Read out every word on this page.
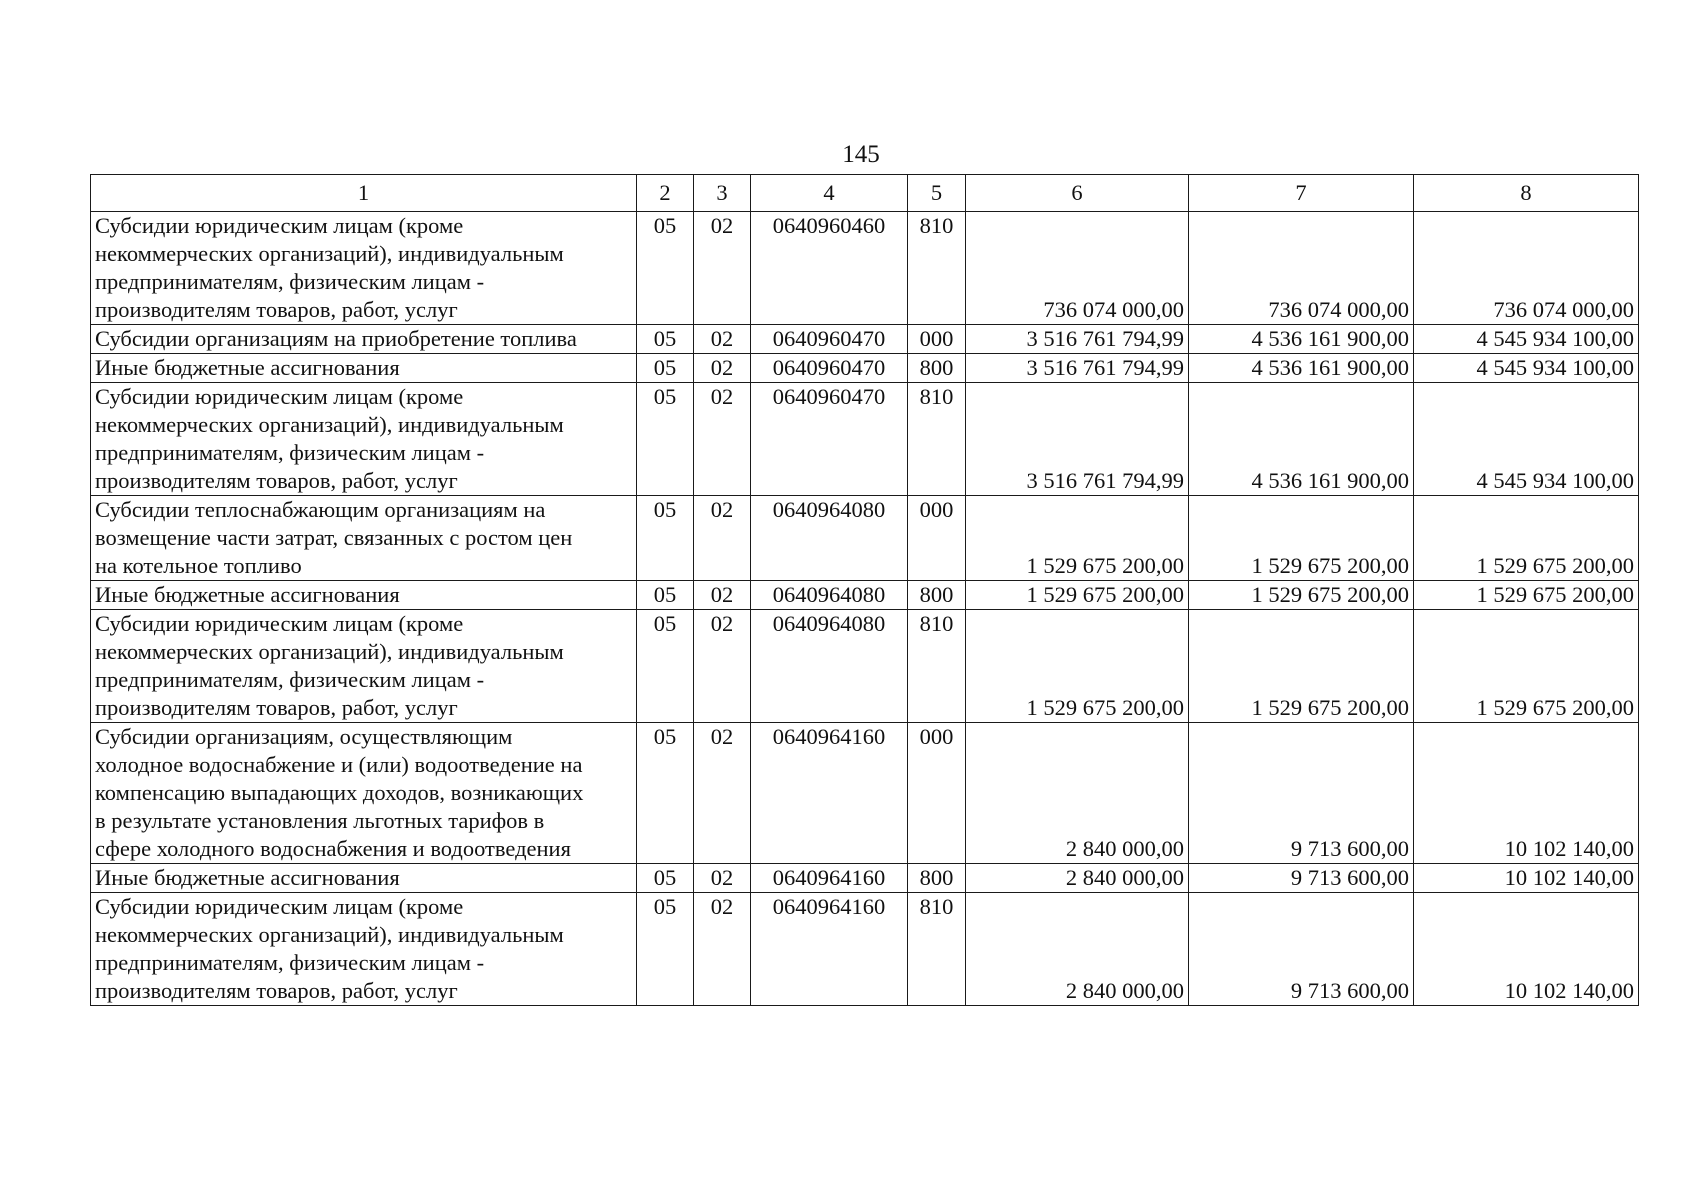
145
1	2	3	4	5	6	7	8
Субсидии юридическим лицам (кроме
некоммерческих организаций), индивидуальным
предпринимателям, физическим лицам -
производителям товаров, работ, услуг	05	02	0640960460	810	736 074 000,00	736 074 000,00	736 074 000,00
Субсидии организациям на приобретение топлива	05	02	0640960470	000	3 516 761 794,99	4 536 161 900,00	4 545 934 100,00
Иные бюджетные ассигнования	05	02	0640960470	800	3 516 761 794,99	4 536 161 900,00	4 545 934 100,00
Субсидии юридическим лицам (кроме
некоммерческих организаций), индивидуальным
предпринимателям, физическим лицам -
производителям товаров, работ, услуг	05	02	0640960470	810	3 516 761 794,99	4 536 161 900,00	4 545 934 100,00
Субсидии теплоснабжающим организациям на
возмещение части затрат, связанных с ростом цен
на котельное топливо	05	02	0640964080	000	1 529 675 200,00	1 529 675 200,00	1 529 675 200,00
Иные бюджетные ассигнования	05	02	0640964080	800	1 529 675 200,00	1 529 675 200,00	1 529 675 200,00
Субсидии юридическим лицам (кроме
некоммерческих организаций), индивидуальным
предпринимателям, физическим лицам -
производителям товаров, работ, услуг	05	02	0640964080	810	1 529 675 200,00	1 529 675 200,00	1 529 675 200,00
Субсидии организациям, осуществляющим
холодное водоснабжение и (или) водоотведение на
компенсацию выпадающих доходов, возникающих
в результате установления льготных тарифов в
сфере холодного водоснабжения и водоотведения	05	02	0640964160	000	2 840 000,00	9 713 600,00	10 102 140,00
Иные бюджетные ассигнования	05	02	0640964160	800	2 840 000,00	9 713 600,00	10 102 140,00
Субсидии юридическим лицам (кроме
некоммерческих организаций), индивидуальным
предпринимателям, физическим лицам -
производителям товаров, работ, услуг	05	02	0640964160	810	2 840 000,00	9 713 600,00	10 102 140,00
